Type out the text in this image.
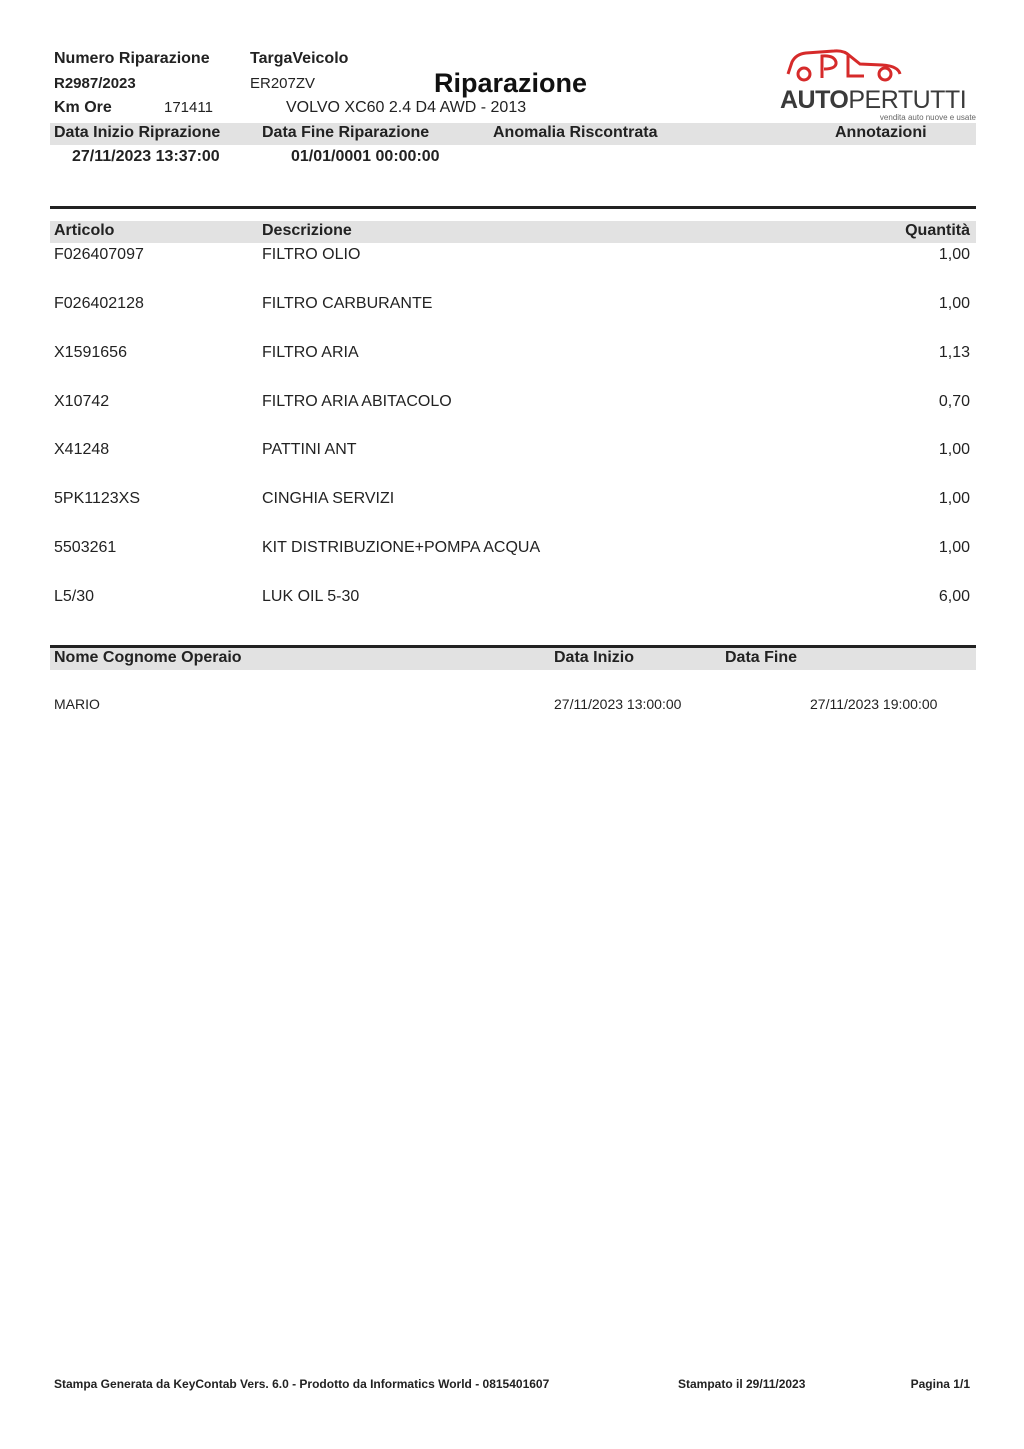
Numero Riparazione
R2987/2023
Km Ore	171411
TargaVeicolo
ER207ZV
VOLVO XC60 2.4 D4 AWD - 2013
Riparazione
AUTOPERTUTTI
vendita auto nuove e usate
Data Inizio Riprazione	Data Fine Riparazione	Anomalia Riscontrata	Annotazioni
27/11/2023 13:37:00	01/01/0001 00:00:00
Articolo	Descrizione	Quantità
F026407097	FILTRO OLIO	1,00
F026402128	FILTRO CARBURANTE	1,00
X1591656	FILTRO ARIA	1,13
X10742	FILTRO ARIA ABITACOLO	0,70
X41248	PATTINI ANT	1,00
5PK1123XS	CINGHIA SERVIZI	1,00
5503261	KIT DISTRIBUZIONE+POMPA ACQUA	1,00
L5/30	LUK OIL 5-30	6,00
Nome Cognome Operaio	Data Inizio	Data Fine
MARIO	27/11/2023 13:00:00	27/11/2023 19:00:00
Stampa Generata da KeyContab Vers. 6.0 - Prodotto da Informatics World - 0815401607	Stampato il 29/11/2023	Pagina 1/1
